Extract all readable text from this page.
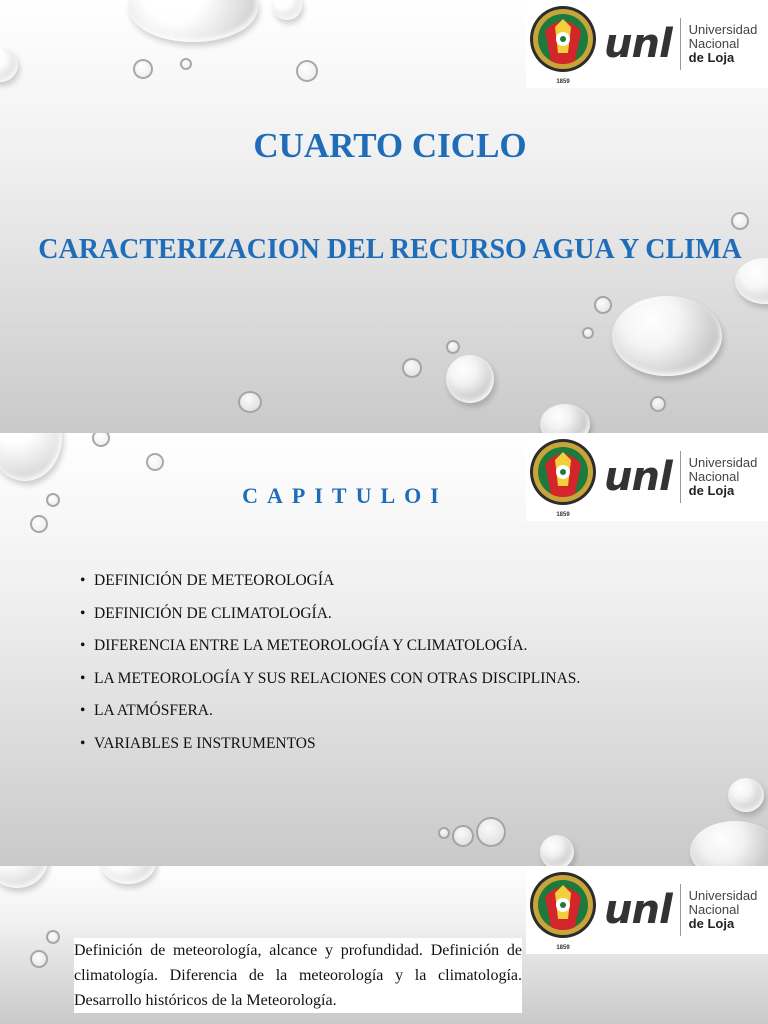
1859
unl Universidad
Nacional
de Loja
CUARTO CICLO
CARACTERIZACION DEL RECURSO AGUA Y CLIMA
1859
unl Universidad
Nacional
de Loja
CAPITULOI
• DEFINICIÓN DE METEOROLOGÍA
• DEFINICIÓN DE CLIMATOLOGÍA.
• DIFERENCIA ENTRE LA METEOROLOGÍA Y CLIMATOLOGÍA.
• LA METEOROLOGÍA Y SUS RELACIONES CON OTRAS DISCIPLINAS.
• LA ATMÓSFERA.
• VARIABLES E INSTRUMENTOS
1859
unl Universidad
Nacional
de Loja

Definición de meteorología, alcance y profundidad. Definición de climatología. Diferencia de la meteorología y la climatología. Desarrollo históricos de la Meteorología.
